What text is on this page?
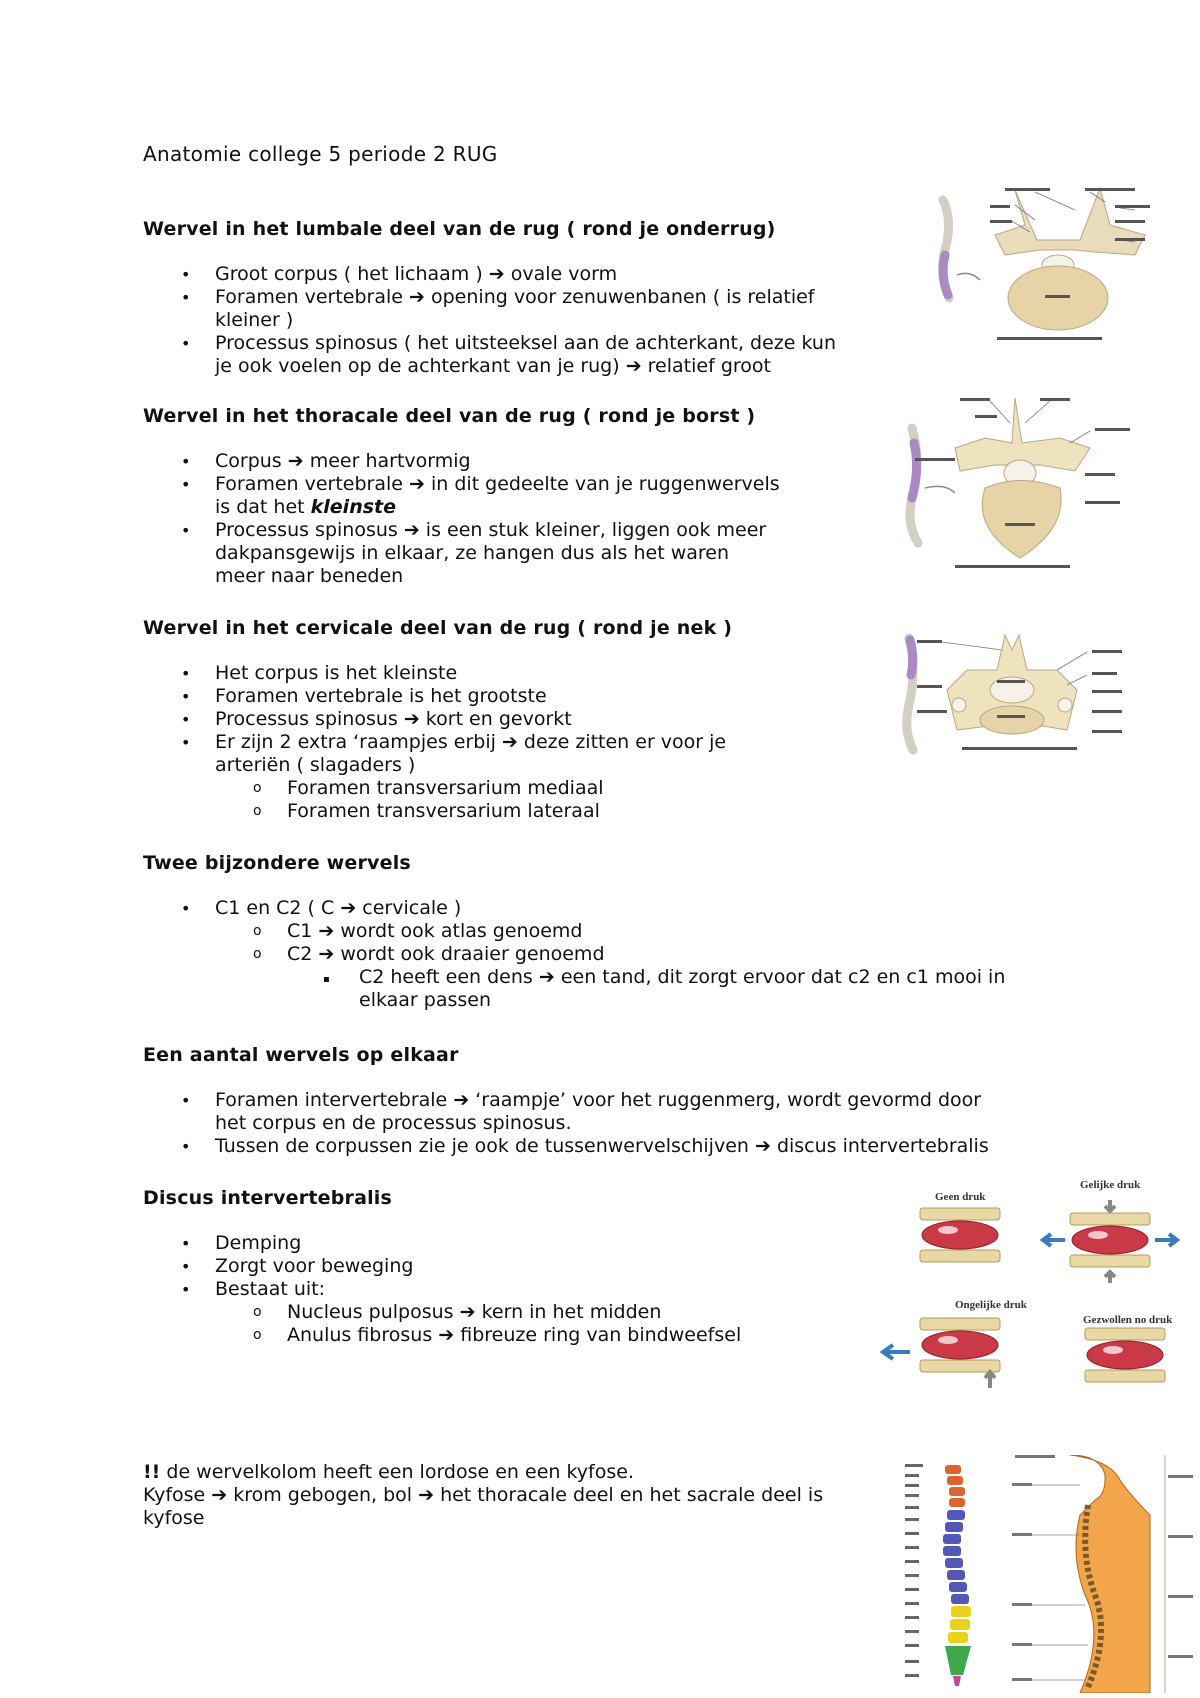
Anatomie college 5 periode 2 RUG
Wervel in het lumbale deel van de rug ( rond je onderrug)
• Groot corpus ( het lichaam ) ➔ ovale vorm
• Foramen vertebrale ➔ opening voor zenuwenbanen ( is relatief
kleiner )
• Processus spinosus ( het uitsteeksel aan de achterkant, deze kun
je ook voelen op de achterkant van je rug) ➔ relatief groot
Wervel in het thoracale deel van de rug ( rond je borst )
• Corpus ➔ meer hartvormig
• Foramen vertebrale ➔ in dit gedeelte van je ruggenwervels
is dat het kleinste
• Processus spinosus ➔ is een stuk kleiner, liggen ook meer
dakpansgewijs in elkaar, ze hangen dus als het waren
meer naar beneden
Wervel in het cervicale deel van de rug ( rond je nek )
• Het corpus is het kleinste
• Foramen vertebrale is het grootste
• Processus spinosus ➔ kort en gevorkt
• Er zijn 2 extra ‘raampjes erbij ➔ deze zitten er voor je
arteriën ( slagaders )
o Foramen transversarium mediaal
o Foramen transversarium lateraal
Twee bijzondere wervels
• C1 en C2 ( C ➔ cervicale )
o C1 ➔ wordt ook atlas genoemd
o C2 ➔ wordt ook draaier genoemd
▪ C2 heeft een dens ➔ een tand, dit zorgt ervoor dat c2 en c1 mooi in
elkaar passen
Een aantal wervels op elkaar
• Foramen intervertebrale ➔ ‘raampje’ voor het ruggenmerg, wordt gevormd door
het corpus en de processus spinosus.
• Tussen de corpussen zie je ook de tussenwervelschijven ➔ discus intervertebralis
Discus intervertebralis
• Demping
• Zorgt voor beweging
• Bestaat uit:
o Nucleus pulposus ➔ kern in het midden
o Anulus fibrosus ➔ fibreuze ring van bindweefsel
!! de wervelkolom heeft een lordose en een kyfose.
Kyfose ➔ krom gebogen, bol ➔ het thoracale deel en het sacrale deel is
kyfose
Geen druk
Gelijke druk
Ongelijke druk
Gezwollen no druk
